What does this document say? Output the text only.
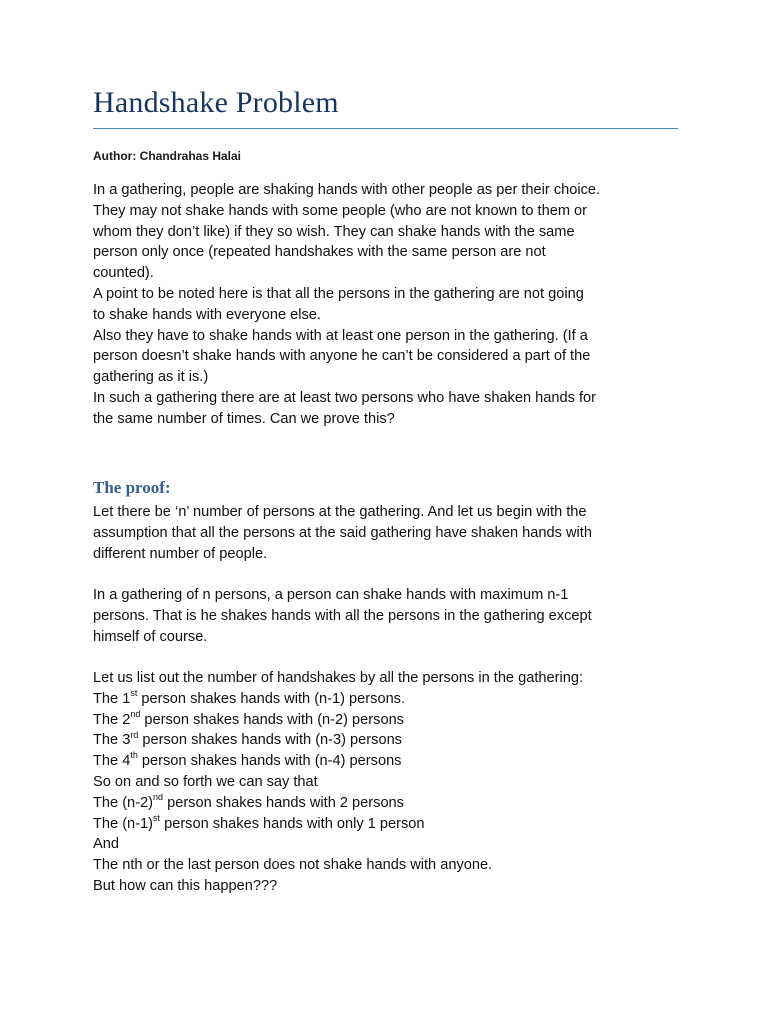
Handshake Problem
Author: Chandrahas Halai
In a gathering, people are shaking hands with other people as per their choice.
They may not shake hands with some people (who are not known to them or
whom they don’t like) if they so wish. They can shake hands with the same
person only once (repeated handshakes with the same person are not
counted).
A point to be noted here is that all the persons in the gathering are not going
to shake hands with everyone else.
Also they have to shake hands with at least one person in the gathering. (If a
person doesn’t shake hands with anyone he can’t be considered a part of the
gathering as it is.)
In such a gathering there are at least two persons who have shaken hands for
the same number of times. Can we prove this?
The proof:
Let there be ‘n’ number of persons at the gathering. And let us begin with the
assumption that all the persons at the said gathering have shaken hands with
different number of people.
In a gathering of n persons, a person can shake hands with maximum n-1
persons. That is he shakes hands with all the persons in the gathering except
himself of course.
Let us list out the number of handshakes by all the persons in the gathering:
The 1st person shakes hands with (n-1) persons.
The 2nd person shakes hands with (n-2) persons
The 3rd person shakes hands with (n-3) persons
The 4th person shakes hands with (n-4) persons
So on and so forth we can say that
The $(n-2)^{nd}$ person shakes hands with 2 persons
The $(n-1)^{st}$ person shakes hands with only 1 person
And
The nth or the last person does not shake hands with anyone.
But how can this happen???
